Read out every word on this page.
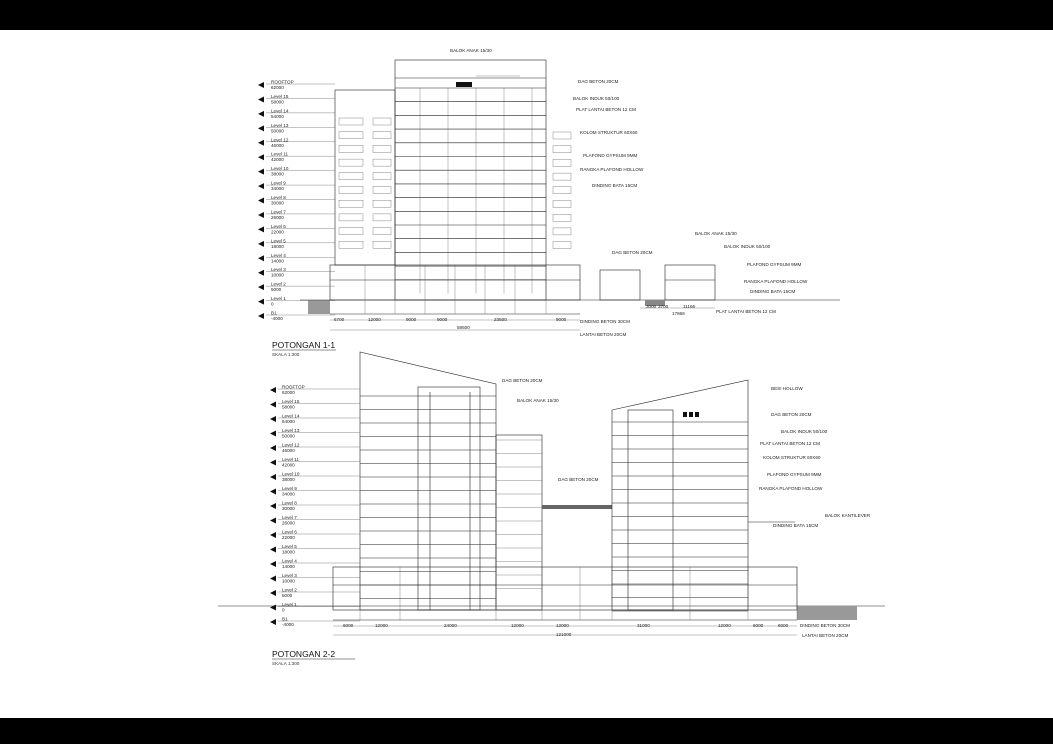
ROOFTOP
62000
Level 15
58000
Level 14
54000
Level 13
50000
Level 12
46000
Level 11
42000
Level 10
38000
Level 9
34000
Level 8
30000
Level 7
26000
Level 6
22000
Level 5
18000
Level 4
14000
Level 3
10000
Level 2
5000
Level 1
0
B1
-4000
BALOK ANAK 15/30
DAG BETON 20CM
BALOK INDUK 50/100
PLAT LANTAI BETON 12 CM
KOLOM STRUKTUR 60X60
PLAFOND GYPSUM 9MM
RANGKA PLAFOND HOLLOW
DINDING BATA 15CM
BALOK ANAK 15/30
BALOK INDUK 50/100
DAG BETON 20CM
PLAFOND GYPSUM 9MM
RANGKA PLAFOND HOLLOW
DINDING BATA 15CM
PLAT LANTAI BETON 12 CM
DINDING BETON 30CM
LANTAI BETON 20CM
6700	12000	9000	9000	23500	9000
59500
3000 3700	11166
17866
POTONGAN 1-1
SKALA 1:300
ROOFTOP
62000
Level 15
58000
Level 14
54000
Level 13
50000
Level 12
46000
Level 11
42000
Level 10
38000
Level 9
34000
Level 8
30000
Level 7
26000
Level 6
22000
Level 5
18000
Level 4
14000
Level 3
10000
Level 2
5000
Level 1
0
B1
-4000
DAG BETON 20CM
BALOK ANAK 15/30
DAG BETON 20CM
BESI HOLLOW
DAG BETON 20CM
BALOK INDUK 50/100
PLAT LANTAI BETON 12 CM
KOLOM STRUKTUR 60X60
PLAFOND GYPSUM 9MM
RANGKA PLAFOND HOLLOW
BALOK KANTILEVER
DINDING BATA 15CM
DINDING BETON 30CM
LANTAI BETON 20CM
6000	12000	24000	12000	12000	31000	12000	6000	6000
121000
POTONGAN 2-2
SKALA 1:300
